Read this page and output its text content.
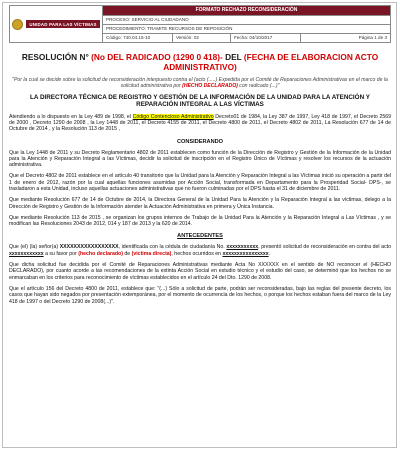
UNIDAD PARA LAS VÍCTIMAS
FORMATO RECHAZO RECONSIDERACIÓN
PROCESO: SERVICIO AL CIUDADANO
PROCEDIMIENTO: TRAMITE RECURSOS DE REPOSICIÓN
Código: 740.04.15-10	Versión: 02	Fecha: 04/10/2017	Página 1 de 3
RESOLUCIÓN N° (No DEL RADICADO (1290 0 418)- DEL (FECHA DE ELABORACION ACTO ADMINISTRATIVO)
"Por la cual se decide sobre la solicitud de reconsideración interpuesto contra el (acto (.....) Expedida por el Comité de Reparaciones Administrativas en el marco de la solicitud administrativa por (HECHO DECLARADO) con radicado (...)"
LA DIRECTORA TÉCNICA DE REGISTRO Y GESTIÓN DE LA INFORMACIÓN DE LA UNIDAD PARA LA ATENCIÓN Y REPARACIÓN INTEGRAL A LAS VÍCTIMAS
Atendiendo a lo dispuesto en la Ley 489 de 1998, el Código Contencioso Administrativo Decreto01 de 1984, la Ley 387 de 1997, Ley 418 de 1997, el Decreto 2569 de 2000 , Decreto 1290 de 2008 , la Ley 1448 de 2011, el Decreto 4155 de 2011, el Decreto 4800 de 2011, el Decreto 4802 de 2011, La Resolución 677 de 14 de Octubre de 2014 , y la Resolución 113 de 2015 ,
CONSIDERANDO
Que la Ley 1448 de 2011 y su Decreto Reglamentario 4802 de 2011 establecen como función de la Dirección de Registro y Gestión de la Información de la Unidad para la Atención y Reparación Integral a las Víctimas, decidir la solicitud de inscripción en el Registro Único de Víctimas y resolver los recursos de la actuación administrativa.
Que el Decreto 4802 de 2011 establece en el artículo 40 transitorio que la Unidad para la Atención y Reparación Integral a las Víctimas inició su operación a partir del 1 de enero de 2012, razón por la cual aquellas funciones asumidas por Acción Social, transformada en Departamento para la Prosperidad Social- DPS-, se trasladaron a esta Unidad, incluso aquellas actuaciones administrativas que no fueron culminadas por el DPS hasta el 31 de diciembre de 2011.
Que mediante Resolución 677 de 14 de Octubre de 2014, la Directora General de la Unidad Para la Atención y la Reparación Integral a las víctimas, delego a la Dirección de Registro y Gestión de la Información atender la Actuación Administrativa en primera y Única Instancia.
Que mediante Resolución 113 de 2015 , se organizan los grupos internos de Trabajo de la Unidad Para la Atención y la Reparación Integral a Las Víctimas , y se modifican las Resoluciones 2043 de 2012, 014 y 187 de 2013 y la 620 de 2014.
ANTECEDENTES
Que (el) (la) señor(a) XXXXXXXXXXXXXXXXX, identificada con la cédula de ciudadanía No. xxxxxxxxxxx, presentó solicitud de reconsideración en contra del acto xxxxxxxxxxxx a su favor por (hecho declarado) de (victima directa), hechos ocurridos en xxxxxxxxxxxxxxxx.
Que dicha solicitud fue decidida por el Comité de Reparaciones Administrativas mediante Acta No XXXXXX en el sentido de NO reconocer el (HECHO DECLARADO), por cuanto acorde a las recomendaciones de la extinta Acción Social en estudio técnico y el estudio del caso, se determinó que los hechos no se enmarcaban en los criterios para reconocimiento de víctimas establecidos en el artículo 24 del Dto. 1290 de 2008.
Que el artículo 156 del Decreto 4800 de 2011, establece que: "(...) Sólo a solicitud de parte, podrán ser reconsideradas, bajo las reglas del presente decreto, los casos que hayan sido negados por presentación extemporánea, por el momento de ocurrencia de los hechos, o porque los hechos estaban fuera del marco de la Ley 418 de 1997 o del Decreto 1290 de 2008(...)".
